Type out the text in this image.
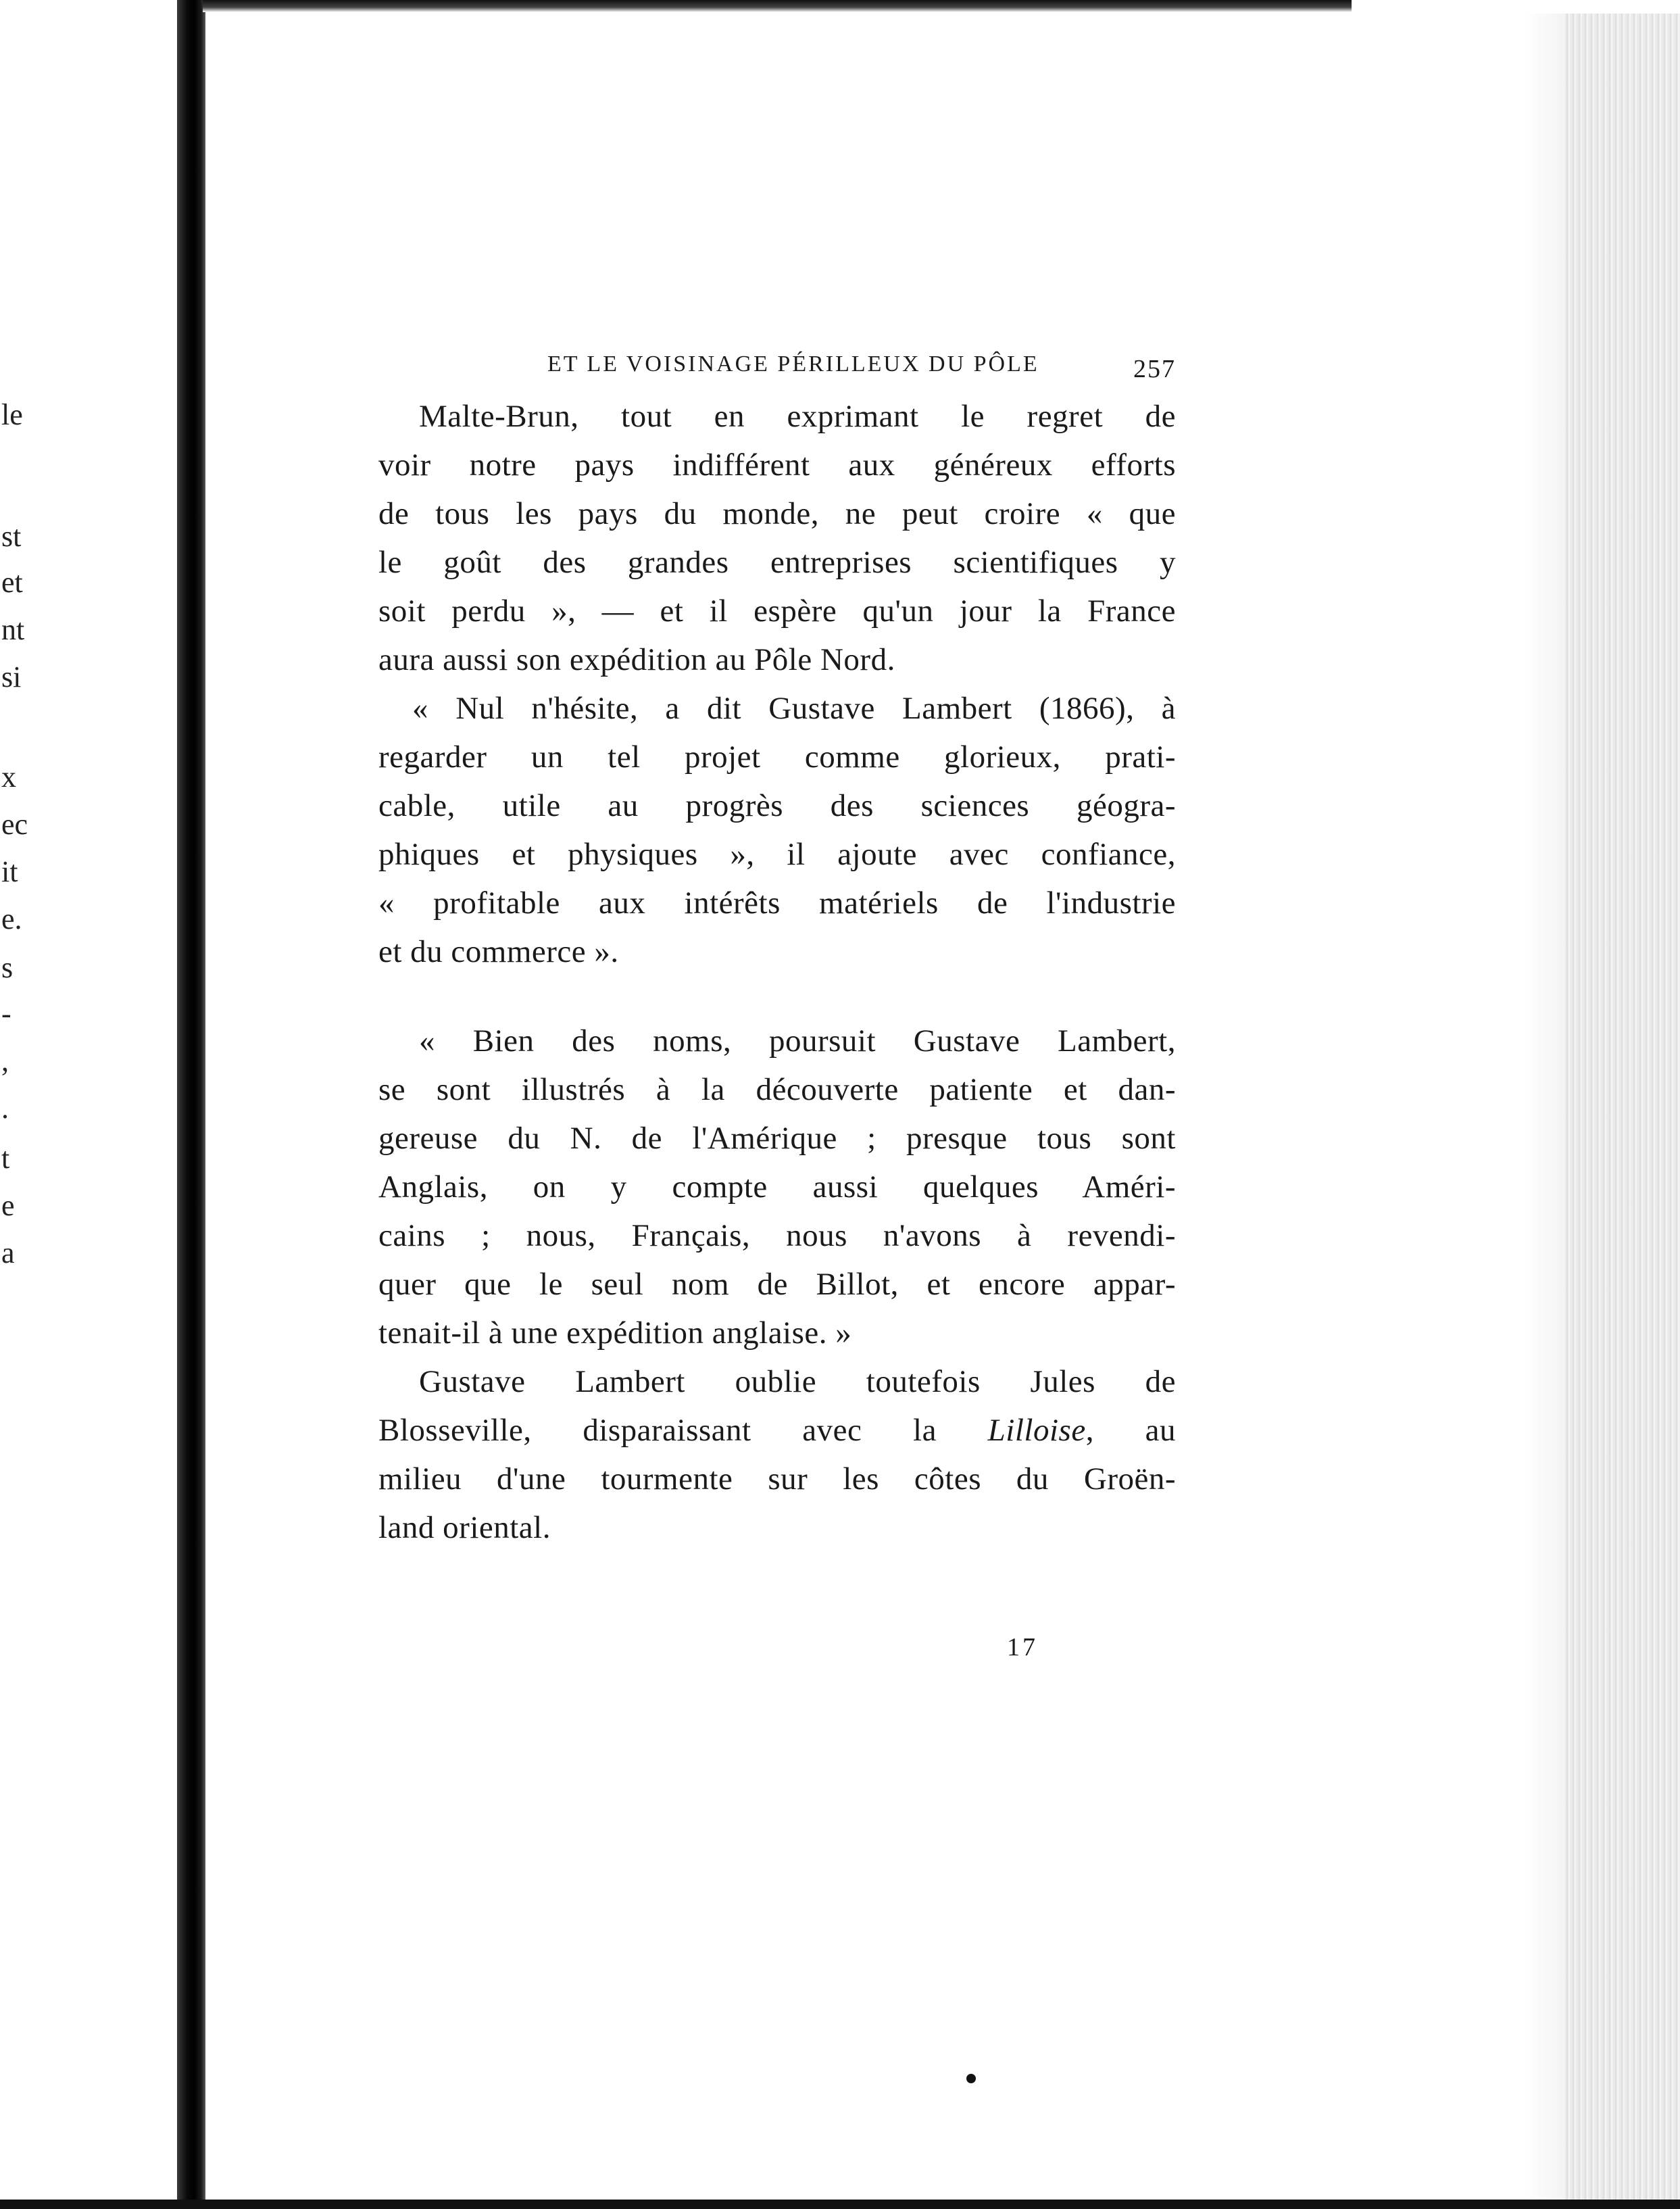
le
st
et
nt
si
x
ec
it
e.
s
-
,
.
t
e
a
ET LE VOISINAGE PÉRILLEUX DU PÔLE	257
Malte-Brun, tout en exprimant le regret de
voir notre pays indifférent aux généreux efforts
de tous les pays du monde, ne peut croire « que
le goût des grandes entreprises scientifiques y
soit perdu », — et il espère qu'un jour la France
aura aussi son expédition au Pôle Nord.
« Nul n'hésite, a dit Gustave Lambert (1866), à
regarder un tel projet comme glorieux, prati-
cable, utile au progrès des sciences géogra-
phiques et physiques », il ajoute avec confiance,
« profitable aux intérêts matériels de l'industrie
et du commerce ».
« Bien des noms, poursuit Gustave Lambert,
se sont illustrés à la découverte patiente et dan-
gereuse du N. de l'Amérique ; presque tous sont
Anglais, on y compte aussi quelques Améri-
cains ; nous, Français, nous n'avons à revendi-
quer que le seul nom de Billot, et encore appar-
tenait-il à une expédition anglaise. »
Gustave Lambert oublie toutefois Jules de
Blosseville, disparaissant avec la Lilloise, au
milieu d'une tourmente sur les côtes du Groën-
land oriental.
17
